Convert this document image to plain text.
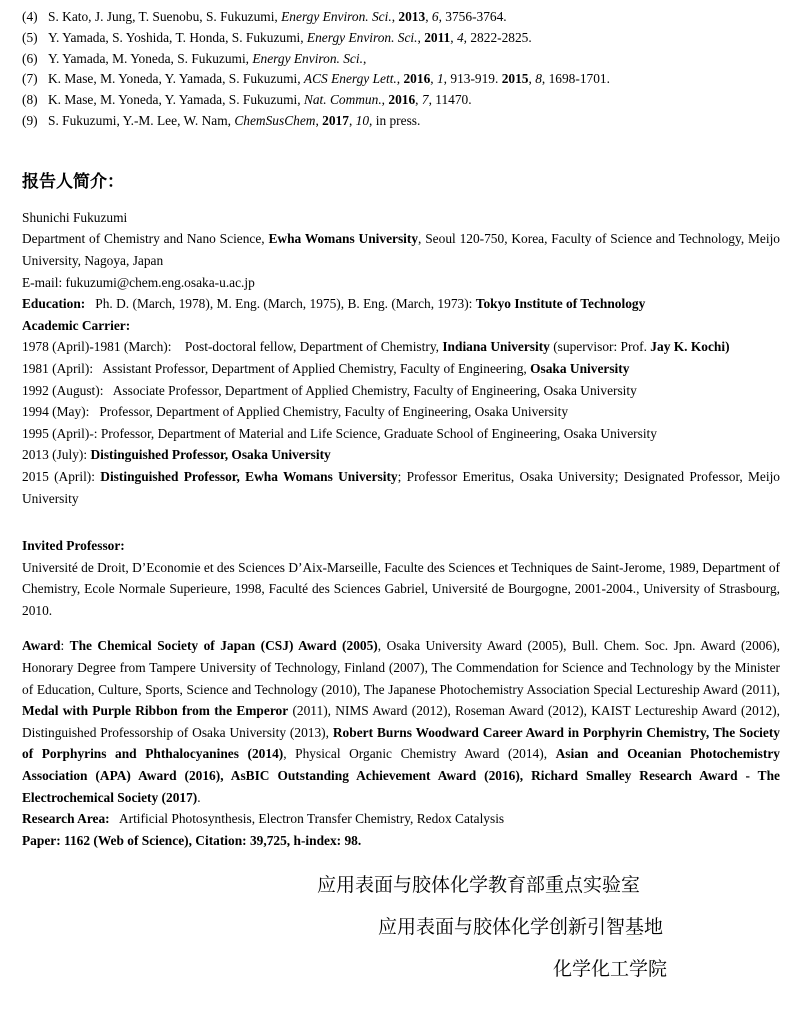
(4) S. Kato, J. Jung, T. Suenobu, S. Fukuzumi, Energy Environ. Sci., 2013, 6, 3756-3764.
(5) Y. Yamada, S. Yoshida, T. Honda, S. Fukuzumi, Energy Environ. Sci., 2011, 4, 2822-2825.
(6) Y. Yamada, M. Yoneda, S. Fukuzumi, Energy Environ. Sci.,
(7) K. Mase, M. Yoneda, Y. Yamada, S. Fukuzumi, ACS Energy Lett., 2016, 1, 913-919. 2015, 8, 1698-1701.
(8) K. Mase, M. Yoneda, Y. Yamada, S. Fukuzumi, Nat. Commun., 2016, 7, 11470.
(9) S. Fukuzumi, Y.-M. Lee, W. Nam, ChemSusChem, 2017, 10, in press.
报告人简介：

Shunichi Fukuzumi

Department of Chemistry and Nano Science, Ewha Womans University, Seoul 120-750, Korea, Faculty of Science and Technology, Meijo University, Nagoya, Japan

E-mail: fukuzumi@chem.eng.osaka-u.ac.jp

Education:   Ph. D. (March, 1978), M. Eng. (March, 1975), B. Eng. (March, 1973): Tokyo Institute of Technology

Academic Carrier:

1978 (April)-1981 (March):    Post-doctoral fellow, Department of Chemistry, Indiana University (supervisor: Prof. Jay K. Kochi)

1981 (April):   Assistant Professor, Department of Applied Chemistry, Faculty of Engineering, Osaka University

1992 (August):   Associate Professor, Department of Applied Chemistry, Faculty of Engineering, Osaka University

1994 (May):   Professor, Department of Applied Chemistry, Faculty of Engineering, Osaka University

1995 (April)-: Professor, Department of Material and Life Science, Graduate School of Engineering, Osaka University

2013 (July): Distinguished Professor, Osaka University

2015 (April): Distinguished Professor, Ewha Womans University; Professor Emeritus, Osaka University; Designated Professor, Meijo University

Invited Professor:

Université de Droit, D’Economie et des Sciences D’Aix-Marseille, Faculte des Sciences et Techniques de Saint-Jerome, 1989, Department of Chemistry, Ecole Normale Superieure, 1998, Faculté des Sciences Gabriel, Université de Bourgogne, 2001-2004., University of Strasbourg, 2010.

Award: The Chemical Society of Japan (CSJ) Award (2005), Osaka University Award (2005), Bull. Chem. Soc. Jpn. Award (2006), Honorary Degree from Tampere University of Technology, Finland (2007), The Commendation for Science and Technology by the Minister of Education, Culture, Sports, Science and Technology (2010), The Japanese Photochemistry Association Special Lectureship Award (2011), Medal with Purple Ribbon from the Emperor (2011), NIMS Award (2012), Roseman Award (2012), KAIST Lectureship Award (2012), Distinguished Professorship of Osaka University (2013), Robert Burns Woodward Career Award in Porphyrin Chemistry, The Society of Porphyrins and Phthalocyanines (2014), Physical Organic Chemistry Award (2014), Asian and Oceanian Photochemistry Association (APA) Award (2016), AsBIC Outstanding Achievement Award (2016), Richard Smalley Research Award - The Electrochemical Society (2017).

Research Area:   Artificial Photosynthesis, Electron Transfer Chemistry, Redox Catalysis

Paper: 1162 (Web of Science), Citation: 39,725, h-index: 98.

应用表面与胶体化学教育部重点实验室
应用表面与胶体化学创新引智基地
化学化工学院
